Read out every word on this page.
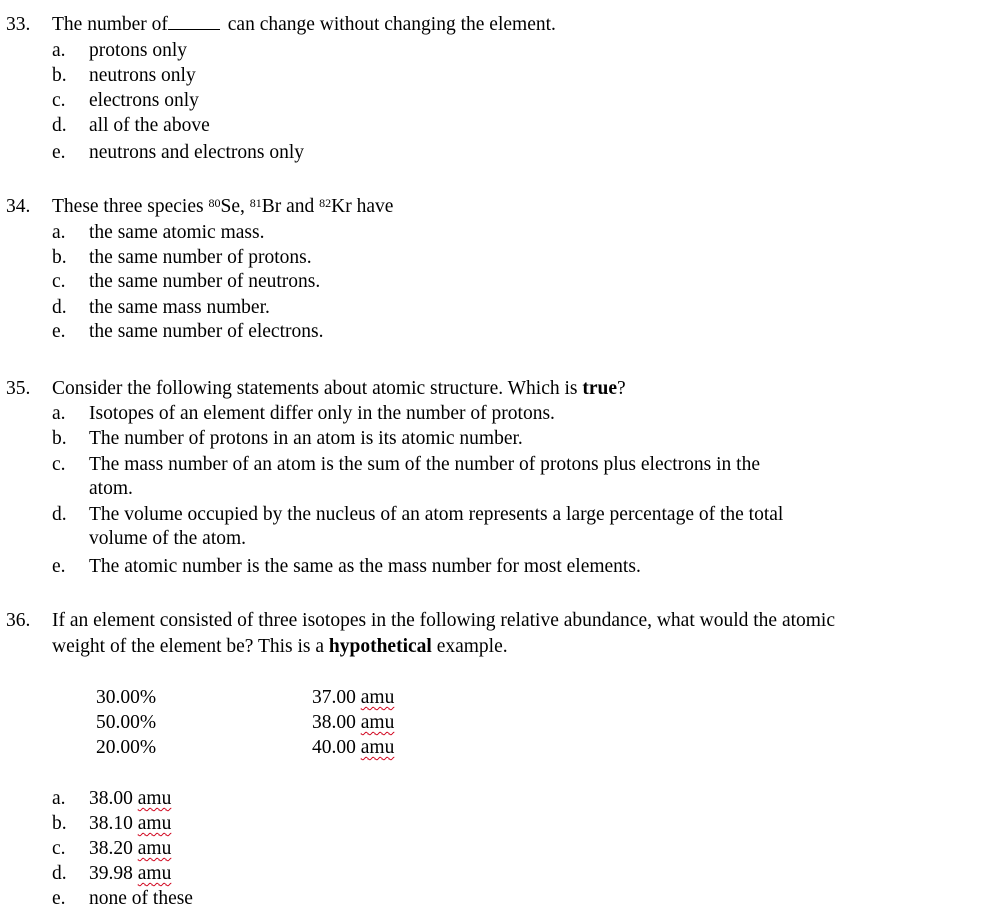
33. The number of	can change without changing the element.
a. protons only
b. neutrons only
c. electrons only
d. all of the above
e. neutrons and electrons only
34. These three species $^{80}$Se, $^{81}$Br and $^{82}$Kr have
a. the same atomic mass.
b. the same number of protons.
c. the same number of neutrons.
d. the same mass number.
e. the same number of electrons.
35. Consider the following statements about atomic structure. Which is true?
a. Isotopes of an element differ only in the number of protons.
b. The number of protons in an atom is its atomic number.
c. The mass number of an atom is the sum of the number of protons plus electrons in the
atom.
d. The volume occupied by the nucleus of an atom represents a large percentage of the total
volume of the atom.
e. The atomic number is the same as the mass number for most elements.
36. If an element consisted of three isotopes in the following relative abundance, what would the atomic
weight of the element be? This is a hypothetical example.
30.00%	37.00 amu
50.00%	38.00 amu
20.00%	40.00 amu
a. 38.00 amu
b. 38.10 amu
c. 38.20 amu
d. 39.98 amu
e. none of these
